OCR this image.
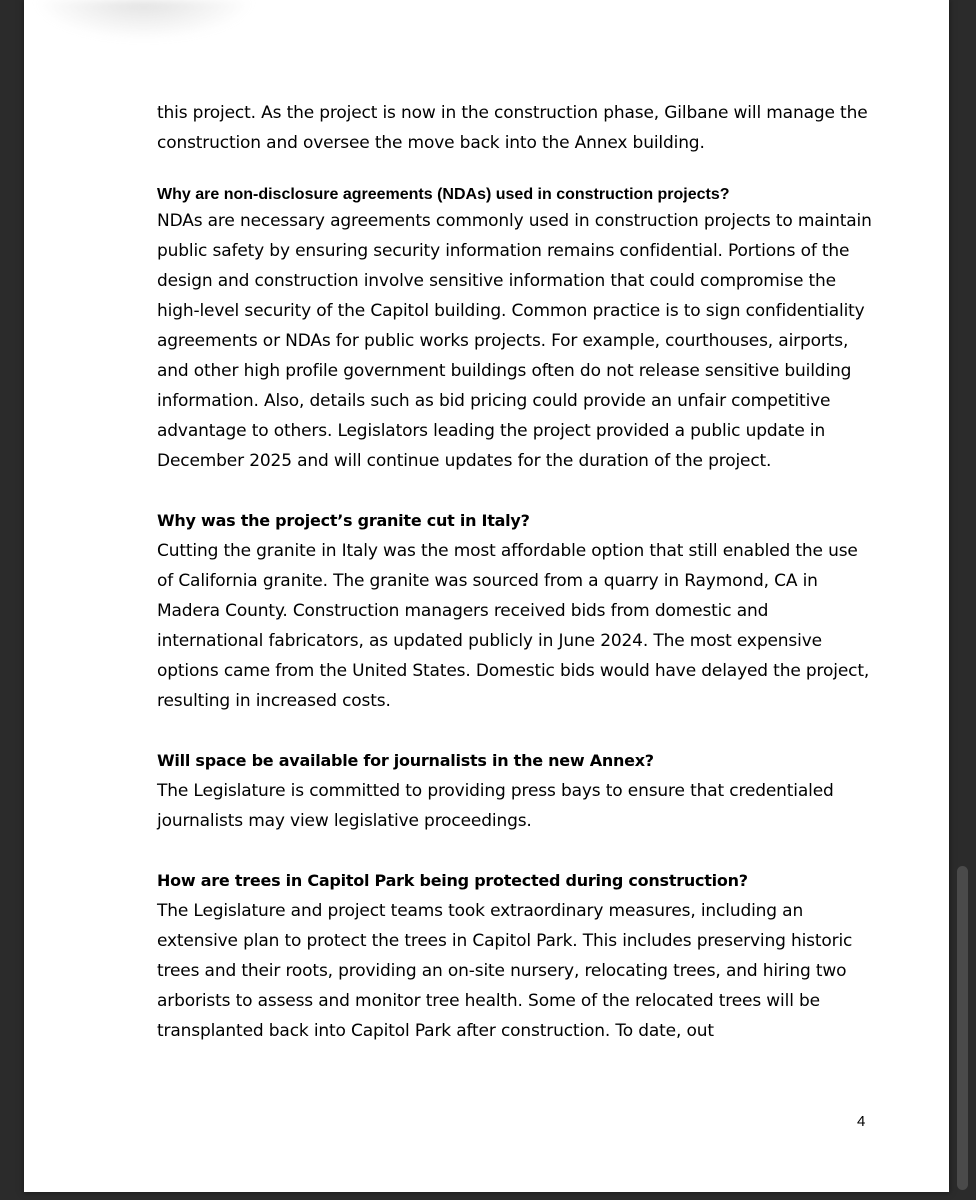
this project. As the project is now in the construction phase, Gilbane will manage the construction and oversee the move back into the Annex building.

Why are non-disclosure agreements (NDAs) used in construction projects?

NDAs are necessary agreements commonly used in construction projects to maintain public safety by ensuring security information remains confidential. Portions of the design and construction involve sensitive information that could compromise the high-level security of the Capitol building. Common practice is to sign confidentiality agreements or NDAs for public works projects. For example, courthouses, airports, and other high profile government buildings often do not release sensitive building information. Also, details such as bid pricing could provide an unfair competitive advantage to others. Legislators leading the project provided a public update in December 2025 and will continue updates for the duration of the project.

Why was the project’s granite cut in Italy?

Cutting the granite in Italy was the most affordable option that still enabled the use of California granite. The granite was sourced from a quarry in Raymond, CA in Madera County. Construction managers received bids from domestic and international fabricators, as updated publicly in June 2024. The most expensive options came from the United States. Domestic bids would have delayed the project, resulting in increased costs.

Will space be available for journalists in the new Annex?

The Legislature is committed to providing press bays to ensure that credentialed journalists may view legislative proceedings.

How are trees in Capitol Park being protected during construction?

The Legislature and project teams took extraordinary measures, including an extensive plan to protect the trees in Capitol Park. This includes preserving historic trees and their roots, providing an on-site nursery, relocating trees, and hiring two arborists to assess and monitor tree health. Some of the relocated trees will be transplanted back into Capitol Park after construction. To date, out

4
